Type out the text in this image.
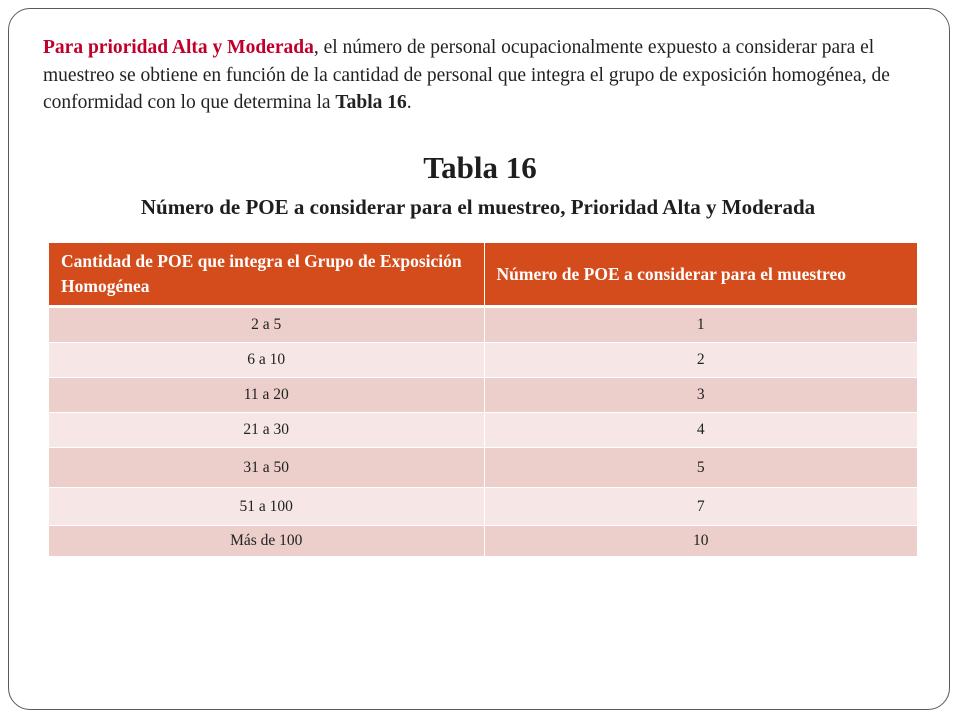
Para prioridad Alta y Moderada, el número de personal ocupacionalmente expuesto a considerar para el muestreo se obtiene en función de la cantidad de personal que integra el grupo de exposición homogénea, de conformidad con lo que determina la Tabla 16.

Tabla 16
Número de POE a considerar para el muestreo, Prioridad Alta y Moderada
Cantidad de POE que integra el Grupo de Exposición Homogénea	Número de POE a considerar para el muestreo
2 a 5	1
6 a 10	2
11 a 20	3
21 a 30	4
31 a 50	5
51 a 100	7
Más de 100	10
